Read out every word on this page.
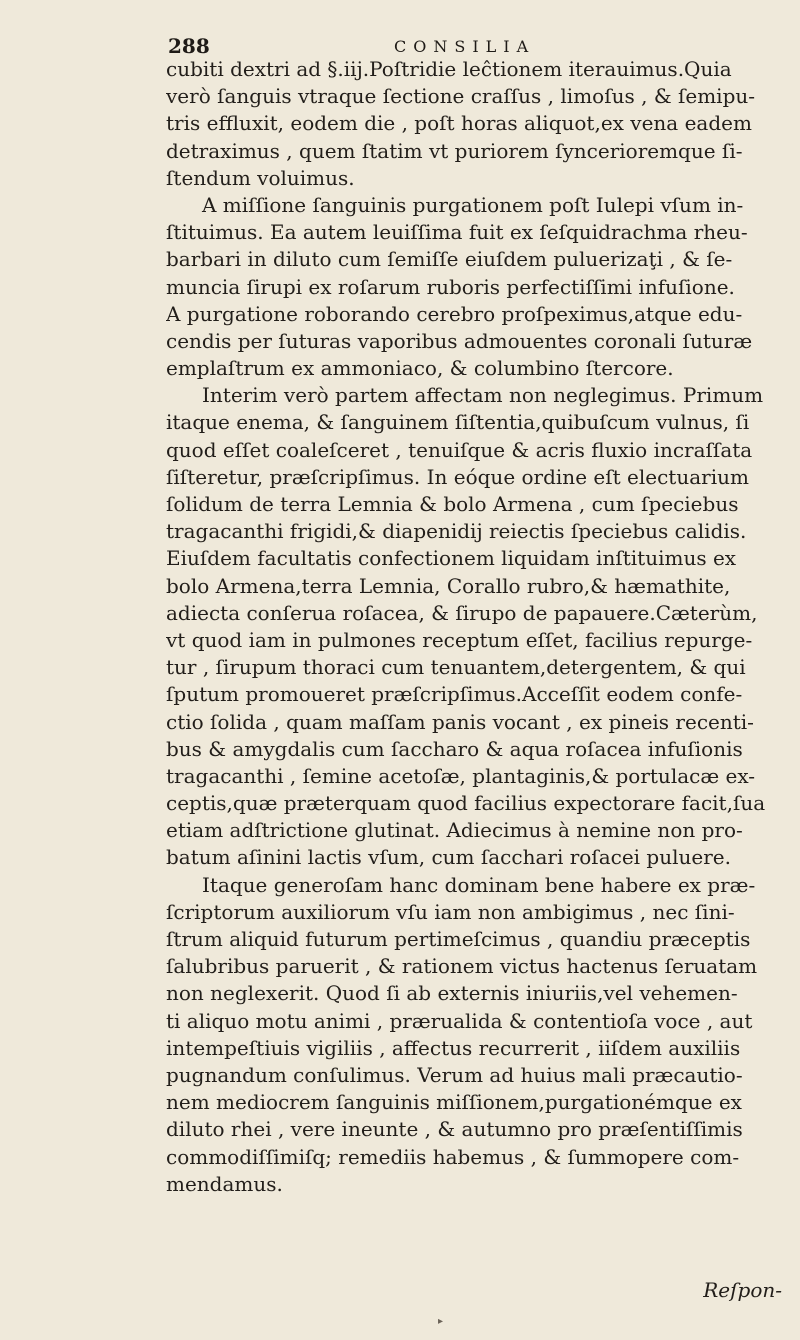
288	CONSILIA
cubiti dextri ad §.iij.Poſtridie leĉtionem iterauimus.Quia
verò ſanguis vtraque ſectione craſſus , limoſus , & ſemipu-
tris effluxit, eodem die , poſt horas aliquot,ex vena eadem
detraximus , quem ſtatim vt puriorem ſyncerioremque ſi-
ſtendum voluimus.
A miſſione ſanguinis purgationem poſt Iulepi vſum in-
ſtituimus. Ea autem leuiſſima fuit ex ſeſquidrachma rheu-
barbari in diluto cum ſemiſſe eiuſdem puluerizaţi , & ſe-
muncia ſirupi ex roſarum ruboris perfectiſſimi infuſione.
A purgatione roborando cerebro proſpeximus,atque edu-
cendis per ſuturas vaporibus admouentes coronali ſuturæ
emplaſtrum ex ammoniaco, & columbino ſtercore.
Interim verò partem affectam non neglegimus. Primum
itaque enema, & ſanguinem ſiſtentia,quibuſcum vulnus, ſi
quod eſſet coaleſceret , tenuiſque & acris fluxio incraſſata
ſiſteretur, præſcripſimus. In eóque ordine eſt electuarium
ſolidum de terra Lemnia & bolo Armena , cum ſpeciebus
tragacanthi frigidi,& diapenidij reiectis ſpeciebus calidis.
Eiuſdem facultatis confectionem liquidam inſtituimus ex
bolo Armena,terra Lemnia, Corallo rubro,& hæmathite,
adiecta conſerua roſacea, & ſirupo de papauere.Cæterùm,
vt quod iam in pulmones receptum eſſet, facilius repurge-
tur , ſirupum thoraci cum tenuantem,detergentem, & qui
ſputum promoueret præſcripſimus.Acceſſit eodem confe-
ctio ſolida , quam maſſam panis vocant , ex pineis recenti-
bus & amygdalis cum ſaccharo & aqua roſacea infuſionis
tragacanthi , ſemine acetoſæ, plantaginis,& portulacæ ex-
ceptis,quæ præterquam quod facilius expectorare facit,ſua
etiam adſtrictione glutinat. Adiecimus à nemine non pro-
batum aſinini lactis vſum, cum ſacchari roſacei puluere.
Itaque generoſam hanc dominam bene habere ex præ-
ſcriptorum auxiliorum vſu iam non ambigimus , nec ſini-
ſtrum aliquid futurum pertimeſcimus , quandiu præceptis
ſalubribus paruerit , & rationem victus hactenus ſeruatam
non neglexerit. Quod ſi ab externis iniuriis,vel vehemen-
ti aliquo motu animi , prærualida & contentioſa voce , aut
intempeſtiuis vigiliis , affectus recurrerit , iiſdem auxiliis
pugnandum conſulimus. Verum ad huius mali præcautio-
nem mediocrem ſanguinis miſſionem,purgationémque ex
diluto rhei , vere ineunte , & autumno pro præſentiſſimis
commodiſſimiſq; remediis habemus , & ſummopere com-
mendamus.
Reſpon-
▸
